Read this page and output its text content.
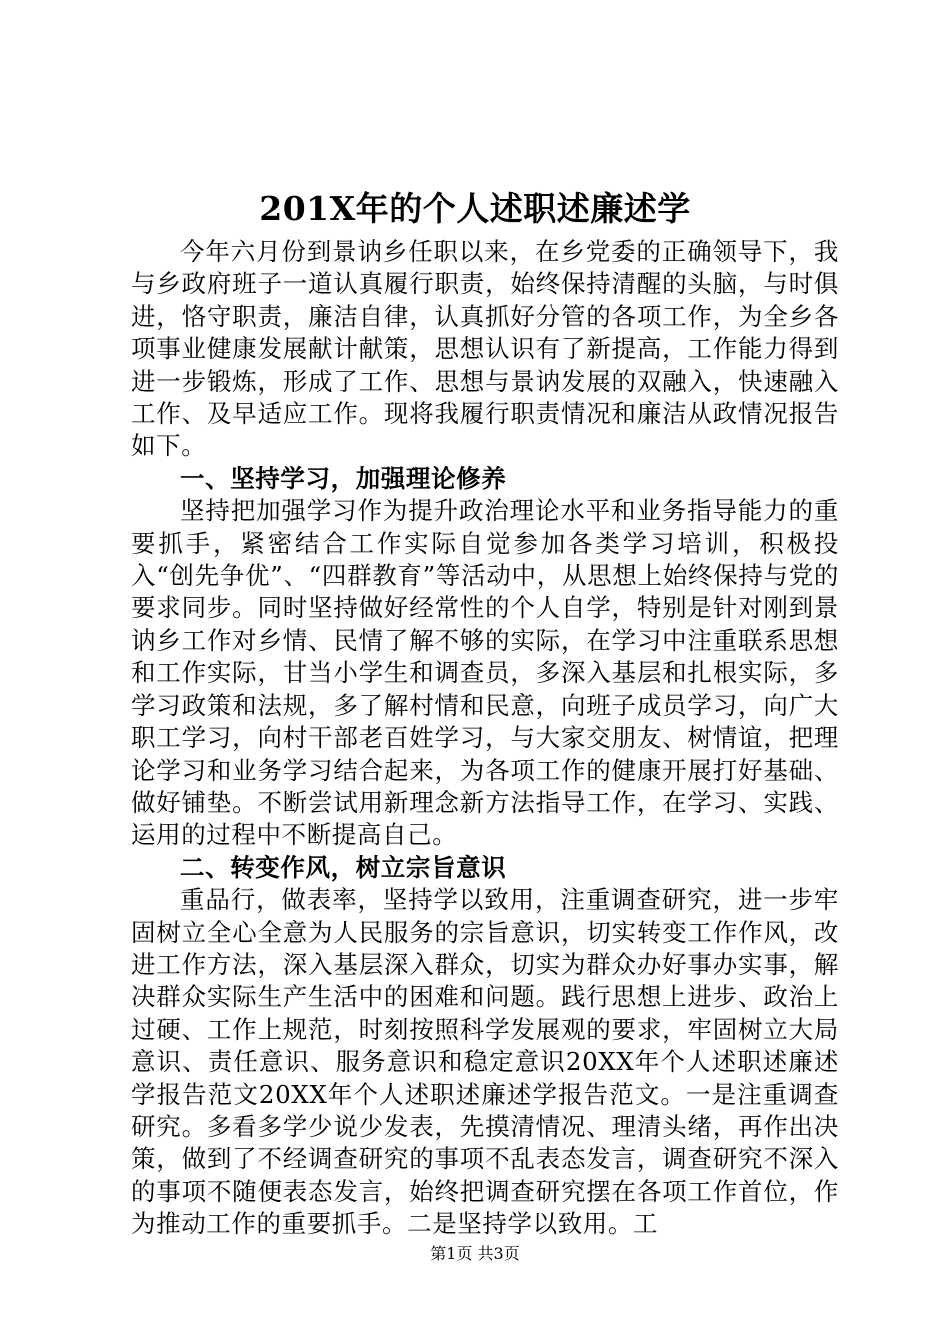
201X年的个人述职述廉述学

今年六月份到景讷乡任职以来，在乡党委的正确领导下，我与乡政府班子一道认真履行职责，始终保持清醒的头脑，与时俱进，恪守职责，廉洁自律，认真抓好分管的各项工作，为全乡各项事业健康发展献计献策，思想认识有了新提高，工作能力得到进一步锻炼，形成了工作、思想与景讷发展的双融入，快速融入工作、及早适应工作。现将我履行职责情况和廉洁从政情况报告如下。

一、坚持学习，加强理论修养

坚持把加强学习作为提升政治理论水平和业务指导能力的重要抓手，紧密结合工作实际自觉参加各类学习培训，积极投入“创先争优”、“四群教育”等活动中，从思想上始终保持与党的要求同步。同时坚持做好经常性的个人自学，特别是针对刚到景讷乡工作对乡情、民情了解不够的实际，在学习中注重联系思想和工作实际，甘当小学生和调查员，多深入基层和扎根实际，多学习政策和法规，多了解村情和民意，向班子成员学习，向广大职工学习，向村干部老百姓学习，与大家交朋友、树情谊，把理论学习和业务学习结合起来，为各项工作的健康开展打好基础、做好铺垫。不断尝试用新理念新方法指导工作，在学习、实践、运用的过程中不断提高自己。

二、转变作风，树立宗旨意识

重品行，做表率，坚持学以致用，注重调查研究，进一步牢固树立全心全意为人民服务的宗旨意识，切实转变工作作风，改进工作方法，深入基层深入群众，切实为群众办好事办实事，解决群众实际生产生活中的困难和问题。践行思想上进步、政治上过硬、工作上规范，时刻按照科学发展观的要求，牢固树立大局意识、责任意识、服务意识和稳定意识20XX年个人述职述廉述学报告范文20XX年个人述职述廉述学报告范文。一是注重调查研究。多看多学少说少发表，先摸清情况、理清头绪，再作出决策，做到了不经调查研究的事项不乱表态发言，调查研究不深入的事项不随便表态发言，始终把调查研究摆在各项工作首位，作为推动工作的重要抓手。二是坚持学以致用。工

第1页 共3页
